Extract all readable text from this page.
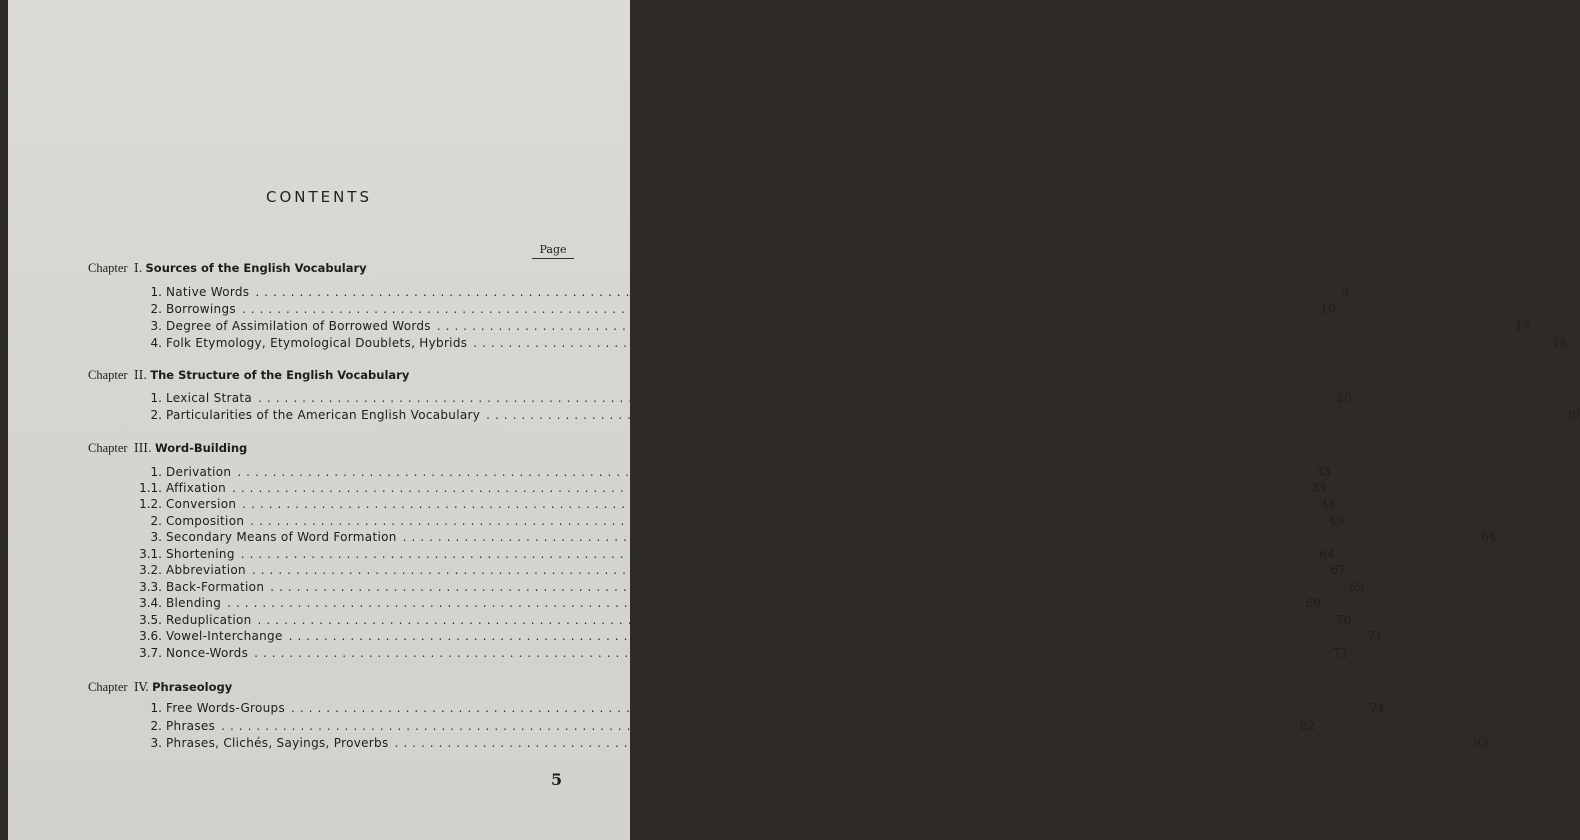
CONTENTS
Page
Chapter I. Sources of the English Vocabulary
1. Native Words ........................................................................................................................	9
2. Borrowings ........................................................................................................................	10
3. Degree of Assimilation of Borrowed Words ........................................................................................................................	17
4. Folk Etymology, Etymological Doublets, Hybrids ........................................................................................................................	18
Chapter II. The Structure of the English Vocabulary
1. Lexical Strata ........................................................................................................................	20
2. Particularities of the American English Vocabulary ........................................................................................................................	30
Chapter III. Word-Building
1. Derivation ........................................................................................................................	33
1.1. Affixation ........................................................................................................................	33
1.2. Conversion ........................................................................................................................	44
2. Composition ........................................................................................................................	49
3. Secondary Means of Word Formation ........................................................................................................................	64
3.1. Shortening ........................................................................................................................	64
3.2. Abbreviation ........................................................................................................................	67
3.3. Back-Formation ........................................................................................................................	69
3.4. Blending ........................................................................................................................	69
3.5. Reduplication ........................................................................................................................	70
3.6. Vowel-Interchange ........................................................................................................................	71
3.7. Nonce-Words ........................................................................................................................	72
Chapter IV. Phraseology
1. Free Words-Groups ........................................................................................................................	74
2. Phrases ........................................................................................................................	82
3. Phrases, Clichés, Sayings, Proverbs ........................................................................................................................	93
5
